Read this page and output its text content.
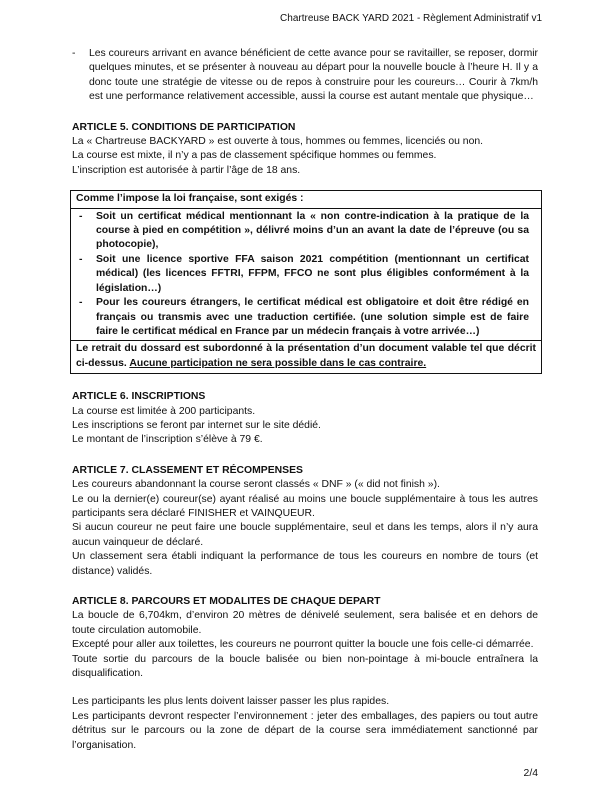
Chartreuse BACK YARD 2021 - Règlement Administratif v1
- Les coureurs arrivant en avance bénéficient de cette avance pour se ravitailler, se reposer, dormir quelques minutes, et se présenter à nouveau au départ pour la nouvelle boucle à l’heure H. Il y a donc toute une stratégie de vitesse ou de repos à construire pour les coureurs… Courir à 7km/h est une performance relativement accessible, aussi la course est autant mentale que physique…

ARTICLE 5. CONDITIONS DE PARTICIPATION

La « Chartreuse BACKYARD » est ouverte à tous, hommes ou femmes, licenciés ou non.

La course est mixte, il n’y a pas de classement spécifique hommes ou femmes.

L’inscription est autorisée à partir l’âge de 18 ans.

Comme l’impose la loi française, sont exigés :
- Soit un certificat médical mentionnant la « non contre-indication à la pratique de la course à pied en compétition », délivré moins d’un an avant la date de l’épreuve (ou sa photocopie),
- Soit une licence sportive FFA saison 2021 compétition (mentionnant un certificat médical) (les licences FFTRI, FFPM, FFCO ne sont plus éligibles conformément à la législation…)
- Pour les coureurs étrangers, le certificat médical est obligatoire et doit être rédigé en français ou transmis avec une traduction certifiée. (une solution simple est de faire faire le certificat médical en France par un médecin français à votre arrivée…)
Le retrait du dossard est subordonné à la présentation d’un document valable tel que décrit ci-dessus. Aucune participation ne sera possible dans le cas contraire.

ARTICLE 6. INSCRIPTIONS

La course est limitée à 200 participants.

Les inscriptions se feront par internet sur le site dédié.

Le montant de l’inscription s’élève à 79 €.

ARTICLE 7. CLASSEMENT ET RÉCOMPENSES

Les coureurs abandonnant la course seront classés « DNF » (« did not finish »).

Le ou la dernier(e) coureur(se) ayant réalisé au moins une boucle supplémentaire à tous les autres participants sera déclaré FINISHER et VAINQUEUR.

Si aucun coureur ne peut faire une boucle supplémentaire, seul et dans les temps, alors il n’y aura aucun vainqueur de déclaré.

Un classement sera établi indiquant la performance de tous les coureurs en nombre de tours (et distance) validés.

ARTICLE 8. PARCOURS ET MODALITES DE CHAQUE DEPART

La boucle de 6,704km, d’environ 20 mètres de dénivelé seulement, sera balisée et en dehors de toute circulation automobile.

Excepté pour aller aux toilettes, les coureurs ne pourront quitter la boucle une fois celle-ci démarrée.

Toute sortie du parcours de la boucle balisée ou bien non-pointage à mi-boucle entraînera la disqualification.

Les participants les plus lents doivent laisser passer les plus rapides.

Les participants devront respecter l’environnement : jeter des emballages, des papiers ou tout autre détritus sur le parcours ou la zone de départ de la course sera immédiatement sanctionné par l’organisation.

2/4
